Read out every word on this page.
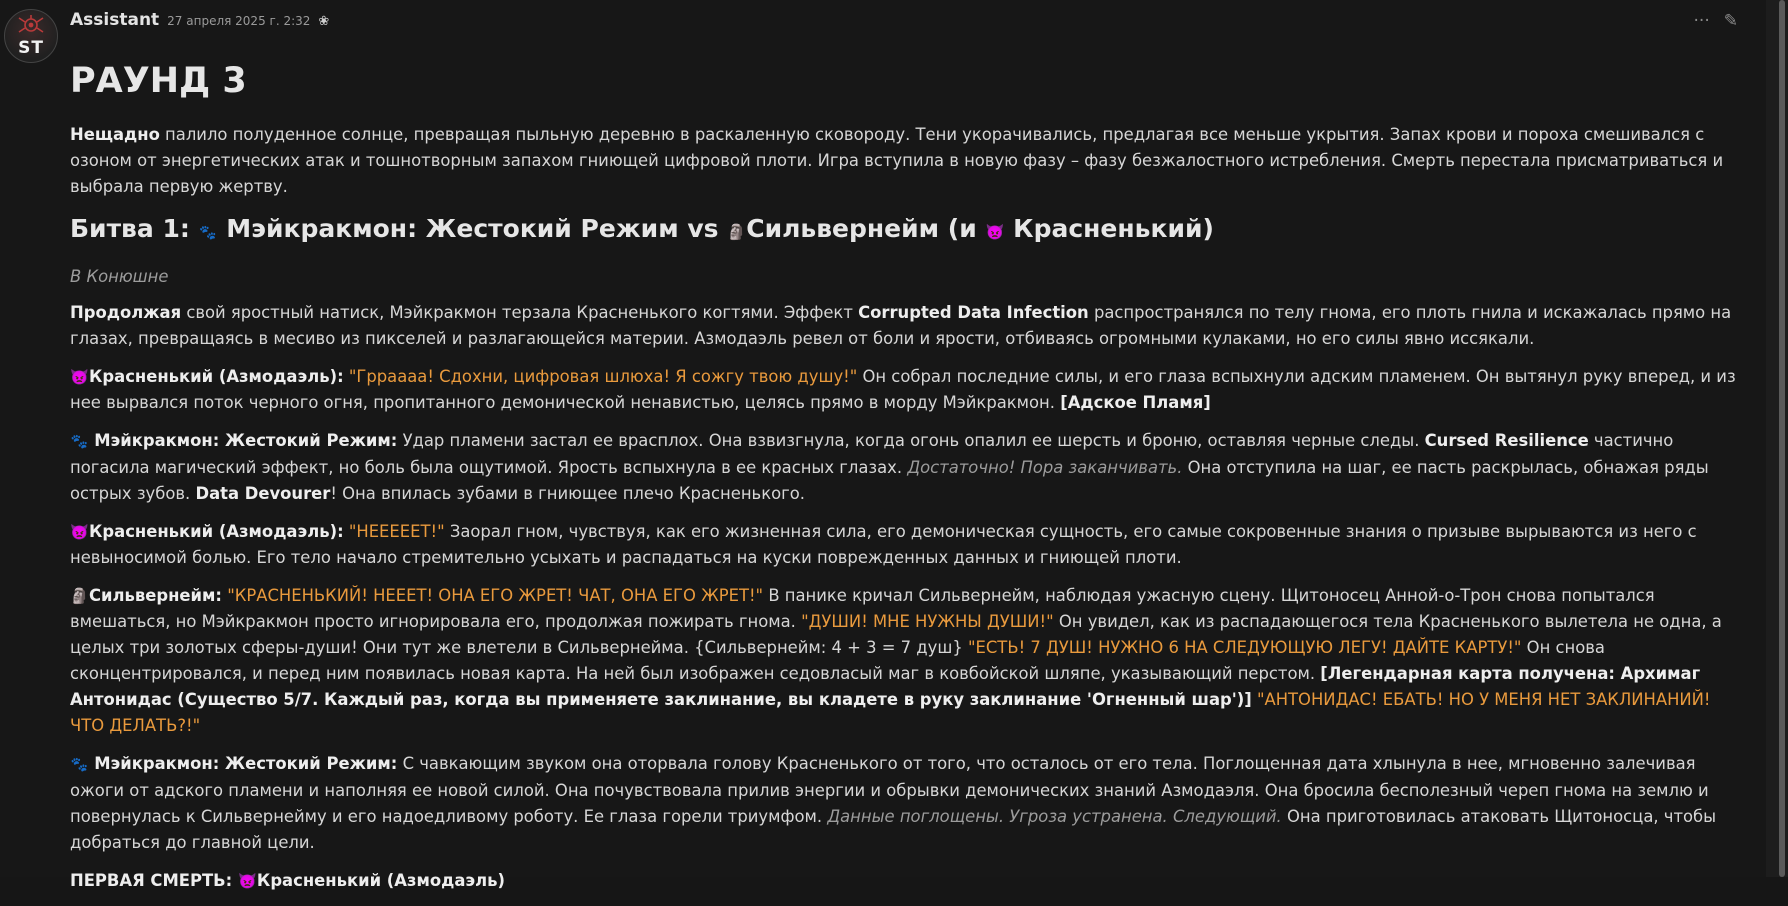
ST
Assistant 27 апреля 2025 г. 2:32 ❀	··· ✎
РАУНД 3

Нещадно палило полуденное солнце, превращая пыльную деревню в раскаленную сковороду. Тени укорачивались, предлагая все меньше укрытия. Запах крови и пороха смешивался с озоном от энергетических атак и тошнотворным запахом гниющей цифровой плоти. Игра вступила в новую фазу – фазу безжалостного истребления. Смерть перестала присматриваться и выбрала первую жертву.

Битва 1: 🐾 Мэйкракмон: Жестокий Режим vs 🗿Сильвернейм (и 👿 Красненький)

В Конюшне

Продолжая свой яростный натиск, Мэйкракмон терзала Красненького когтями. Эффект Corrupted Data Infection распространялся по телу гнома, его плоть гнила и искажалась прямо на глазах, превращаясь в месиво из пикселей и разлагающейся материи. Азмодаэль ревел от боли и ярости, отбиваясь огромными кулаками, но его силы явно иссякали.

👿Красненький (Азмодаэль): "Грраааа! Сдохни, цифровая шлюха! Я сожгу твою душу!" Он собрал последние силы, и его глаза вспыхнули адским пламенем. Он вытянул руку вперед, и из нее вырвался поток черного огня, пропитанного демонической ненавистью, целясь прямо в морду Мэйкракмон. [Адское Пламя]

🐾 Мэйкракмон: Жестокий Режим: Удар пламени застал ее врасплох. Она взвизгнула, когда огонь опалил ее шерсть и броню, оставляя черные следы. Cursed Resilience частично погасила магический эффект, но боль была ощутимой. Ярость вспыхнула в ее красных глазах. Достаточно! Пора заканчивать. Она отступила на шаг, ее пасть раскрылась, обнажая ряды острых зубов. Data Devourer! Она впилась зубами в гниющее плечо Красненького.

👿Красненький (Азмодаэль): "НЕЕЕЕЕТ!" Заорал гном, чувствуя, как его жизненная сила, его демоническая сущность, его самые сокровенные знания о призыве вырываются из него с невыносимой болью. Его тело начало стремительно усыхать и распадаться на куски поврежденных данных и гниющей плоти.

🗿Сильвернейм: "КРАСНЕНЬКИЙ! НЕЕЕТ! ОНА ЕГО ЖРЕТ! ЧАТ, ОНА ЕГО ЖРЕТ!" В панике кричал Сильвернейм, наблюдая ужасную сцену. Щитоносец Анной-о-Трон снова попытался вмешаться, но Мэйкракмон просто игнорировала его, продолжая пожирать гнома. "ДУШИ! МНЕ НУЖНЫ ДУШИ!" Он увидел, как из распадающегося тела Красненького вылетела не одна, а целых три золотых сферы-души! Они тут же влетели в Сильвернейма. {Сильвернейм: 4 + 3 = 7 душ} "ЕСТЬ! 7 ДУШ! НУЖНО 6 НА СЛЕДУЮЩУЮ ЛЕГУ! ДАЙТЕ КАРТУ!" Он снова сконцентрировался, и перед ним появилась новая карта. На ней был изображен седовласый маг в ковбойской шляпе, указывающий перстом. [Легендарная карта получена: Архимаг Антонидас (Существо 5/7. Каждый раз, когда вы применяете заклинание, вы кладете в руку заклинание 'Огненный шар')] "АНТОНИДАС! ЕБАТЬ! НО У МЕНЯ НЕТ ЗАКЛИНАНИЙ! ЧТО ДЕЛАТЬ?!"

🐾 Мэйкракмон: Жестокий Режим: С чавкающим звуком она оторвала голову Красненького от того, что осталось от его тела. Поглощенная дата хлынула в нее, мгновенно залечивая ожоги от адского пламени и наполняя ее новой силой. Она почувствовала прилив энергии и обрывки демонических знаний Азмодаэля. Она бросила бесполезный череп гнома на землю и повернулась к Сильвернейму и его надоедливому роботу. Ее глаза горели триумфом. Данные поглощены. Угроза устранена. Следующий. Она приготовилась атаковать Щитоносца, чтобы добраться до главной цели.

ПЕРВАЯ СМЕРТЬ: 👿Красненький (Азмодаэль)
